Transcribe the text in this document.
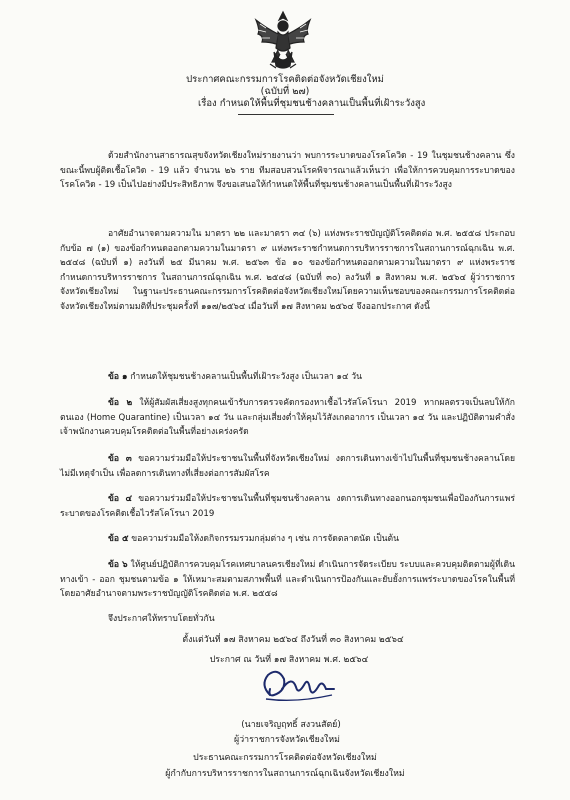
ประกาศคณะกรรมการโรคติดต่อจังหวัดเชียงใหม่
(ฉบับที่ ๒๗)
เรื่อง กำหนดให้พื้นที่ชุมชนช้างคลานเป็นพื้นที่เฝ้าระวังสูง
ด้วยสำนักงานสาธารณสุขจังหวัดเชียงใหม่รายงานว่า พบการระบาดของโรคโควิด - 19 ในชุมชนช้างคลาน ซึ่งขณะนี้พบผู้ติดเชื้อโควิด - 19 แล้ว จำนวน ๒๖ ราย ทีมสอบสวนโรคพิจารณาแล้วเห็นว่า เพื่อให้การควบคุมการระบาดของโรคโควิด - 19 เป็นไปอย่างมีประสิทธิภาพ จึงขอเสนอให้กำหนดให้พื้นที่ชุมชนช้างคลานเป็นพื้นที่เฝ้าระวังสูง
อาศัยอำนาจตามความใน มาตรา ๒๒ และมาตรา ๓๔ (๖) แห่งพระราชบัญญัติโรคติดต่อ พ.ศ. ๒๕๕๘ ประกอบกับข้อ ๗ (๑) ของข้อกำหนดออกตามความในมาตรา ๙ แห่งพระราชกำหนดการบริหารราชการในสถานการณ์ฉุกเฉิน พ.ศ. ๒๕๔๘ (ฉบับที่ ๑) ลงวันที่ ๒๕ มีนาคม พ.ศ. ๒๕๖๓ ข้อ ๑๐ ของข้อกำหนดออกตามความในมาตรา ๙ แห่งพระราชกำหนดการบริหารราชการ ในสถานการณ์ฉุกเฉิน พ.ศ. ๒๕๔๘ (ฉบับที่ ๓๐) ลงวันที่ ๑ สิงหาคม พ.ศ. ๒๕๖๔ ผู้ว่าราชการจังหวัดเชียงใหม่ ในฐานะประธานคณะกรรมการโรคติดต่อจังหวัดเชียงใหม่โดยความเห็นชอบของคณะกรรมการโรคติดต่อจังหวัดเชียงใหม่ตามมติที่ประชุมครั้งที่ ๑๑๗/๒๕๖๔ เมื่อวันที่ ๑๗ สิงหาคม ๒๕๖๔ จึงออกประกาศ ดังนี้
ข้อ ๑ กำหนดให้ชุมชนช้างคลานเป็นพื้นที่เฝ้าระวังสูง เป็นเวลา ๑๔ วัน
ข้อ ๒ ให้ผู้สัมผัสเสี่ยงสูงทุกคนเข้ารับการตรวจคัดกรองหาเชื้อไวรัสโคโรนา 2019 หากผลตรวจเป็นลบให้กักตนเอง (Home Quarantine) เป็นเวลา ๑๔ วัน และกลุ่มเสี่ยงต่ำให้คุมไว้สังเกตอาการ เป็นเวลา ๑๔ วัน และปฏิบัติตามคำสั่งเจ้าพนักงานควบคุมโรคติดต่อในพื้นที่อย่างเคร่งครัด
ข้อ ๓ ขอความร่วมมือให้ประชาชนในพื้นที่จังหวัดเชียงใหม่ งดการเดินทางเข้าไปในพื้นที่ชุมชนช้างคลานโดยไม่มีเหตุจำเป็น เพื่อลดการเดินทางที่เสี่ยงต่อการสัมผัสโรค
ข้อ ๔ ขอความร่วมมือให้ประชาชนในพื้นที่ชุมชนช้างคลาน งดการเดินทางออกนอกชุมชนเพื่อป้องกันการแพร่ระบาดของโรคติดเชื้อไวรัสโคโรนา 2019
ข้อ ๕ ขอความร่วมมือให้งดกิจกรรมรวมกลุ่มต่าง ๆ เช่น การจัดตลาดนัด เป็นต้น
ข้อ ๖ ให้ศูนย์ปฏิบัติการควบคุมโรคเทศบาลนครเชียงใหม่ ดำเนินการจัดระเบียบ ระบบและควบคุมติดตามผู้ที่เดินทางเข้า - ออก ชุมชนตามข้อ ๑ ให้เหมาะสมตามสภาพพื้นที่ และดำเนินการป้องกันและยับยั้งการแพร่ระบาดของโรคในพื้นที่ โดยอาศัยอำนาจตามพระราชบัญญัติโรคติดต่อ พ.ศ. ๒๕๕๘
จึงประกาศให้ทราบโดยทั่วกัน
ตั้งแต่วันที่ ๑๗ สิงหาคม ๒๕๖๔ ถึงวันที่ ๓๐ สิงหาคม ๒๕๖๔
ประกาศ ณ วันที่ ๑๗ สิงหาคม พ.ศ. ๒๕๖๔
(นายเจริญฤทธิ์ สงวนสัตย์)
ผู้ว่าราชการจังหวัดเชียงใหม่
ประธานคณะกรรมการโรคติดต่อจังหวัดเชียงใหม่
ผู้กำกับการบริหารราชการในสถานการณ์ฉุกเฉินจังหวัดเชียงใหม่
